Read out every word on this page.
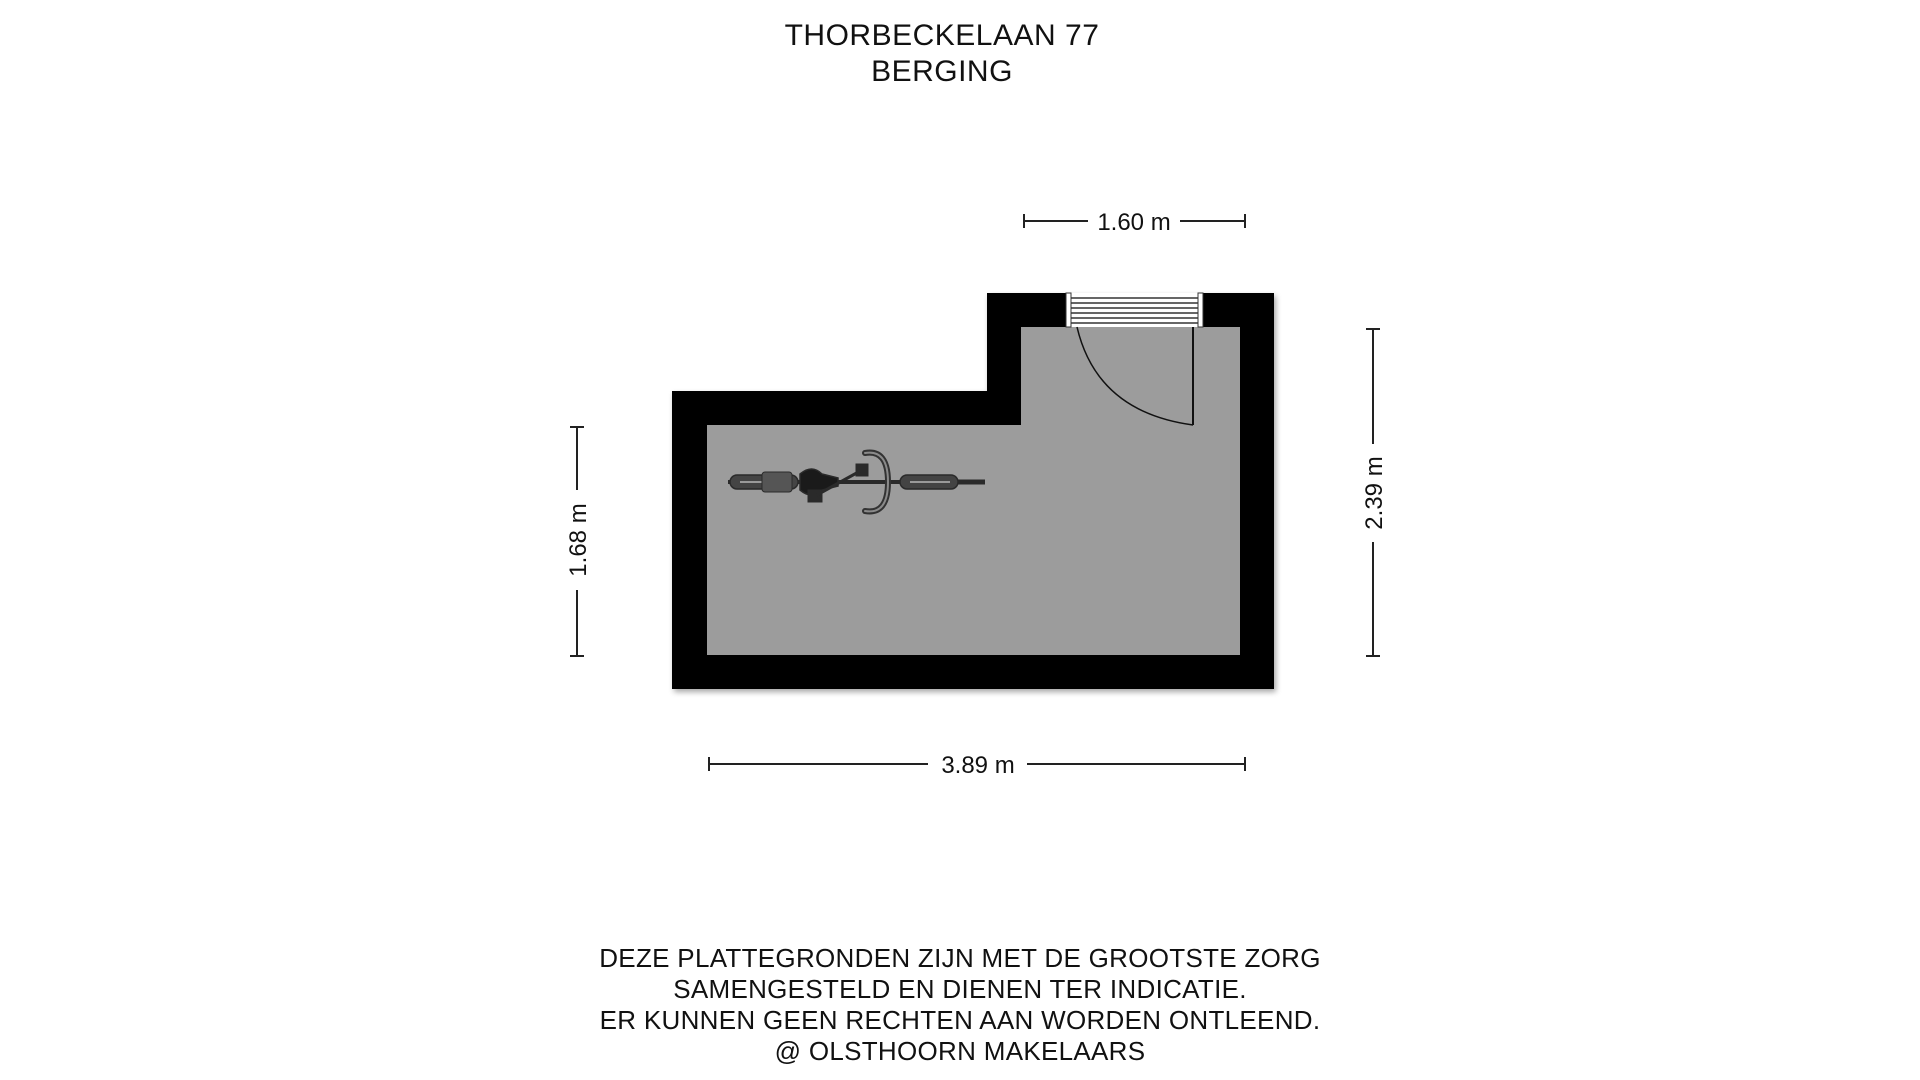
THORBECKELAAN 77
BERGING
1.60 m
2.39 m
1.68 m
3.89 m
DEZE PLATTEGRONDEN ZIJN MET DE GROOTSTE ZORG
SAMENGESTELD EN DIENEN TER INDICATIE.
ER KUNNEN GEEN RECHTEN AAN WORDEN ONTLEEND.
@ OLSTHOORN MAKELAARS
